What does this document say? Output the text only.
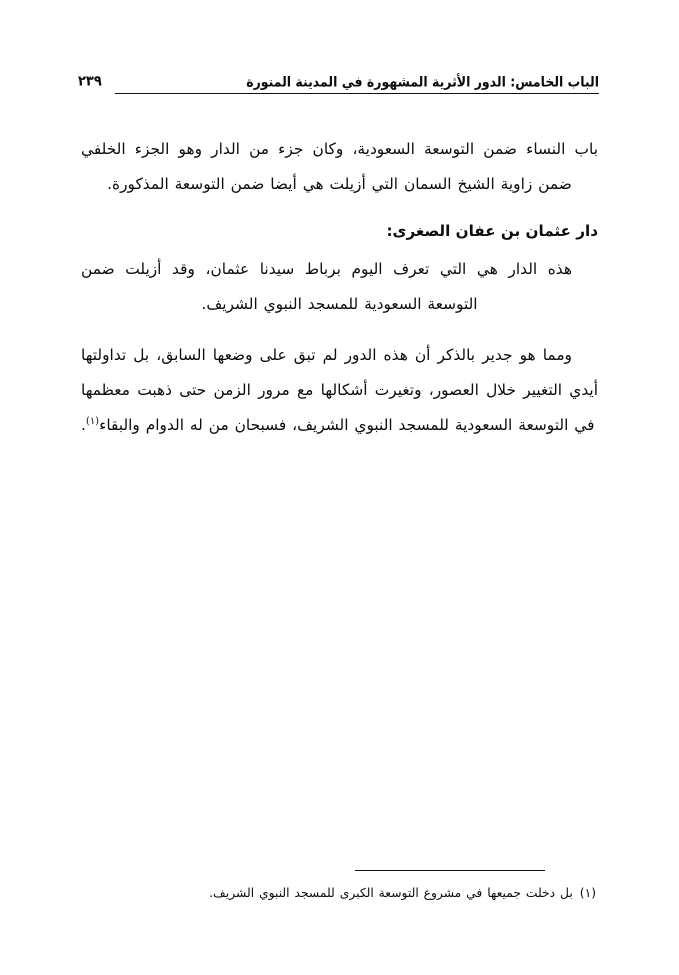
الباب الخامس: الدور الأثرية المشهورة في المدينة المنورة
٢٣٩

باب النساء ضمن التوسعة السعودية، وكان جزء من الدار وهو الجزء الخلفي ضمن زاوية الشيخ السمان التي أزيلت هي أيضا ضمن التوسعة المذكورة.

دار عثمان بن عفان الصغرى:

هذه الدار هي التي تعرف اليوم برباط سيدنا عثمان، وقد أزيلت ضمن التوسعة السعودية للمسجد النبوي الشريف.

ومما هو جدير بالذكر أن هذه الدور لم تبق على وضعها السابق، بل تداولتها أيدي التغيير خلال العصور، وتغيرت أشكالها مع مرور الزمن حتى ذهبت معظمها في التوسعة السعودية للمسجد النبوي الشريف، فسبحان من له الدوام والبقاء$^{(١)}$.

(١)بل دخلت جميعها في مشروع التوسعة الكبرى للمسجد النبوي الشريف.
